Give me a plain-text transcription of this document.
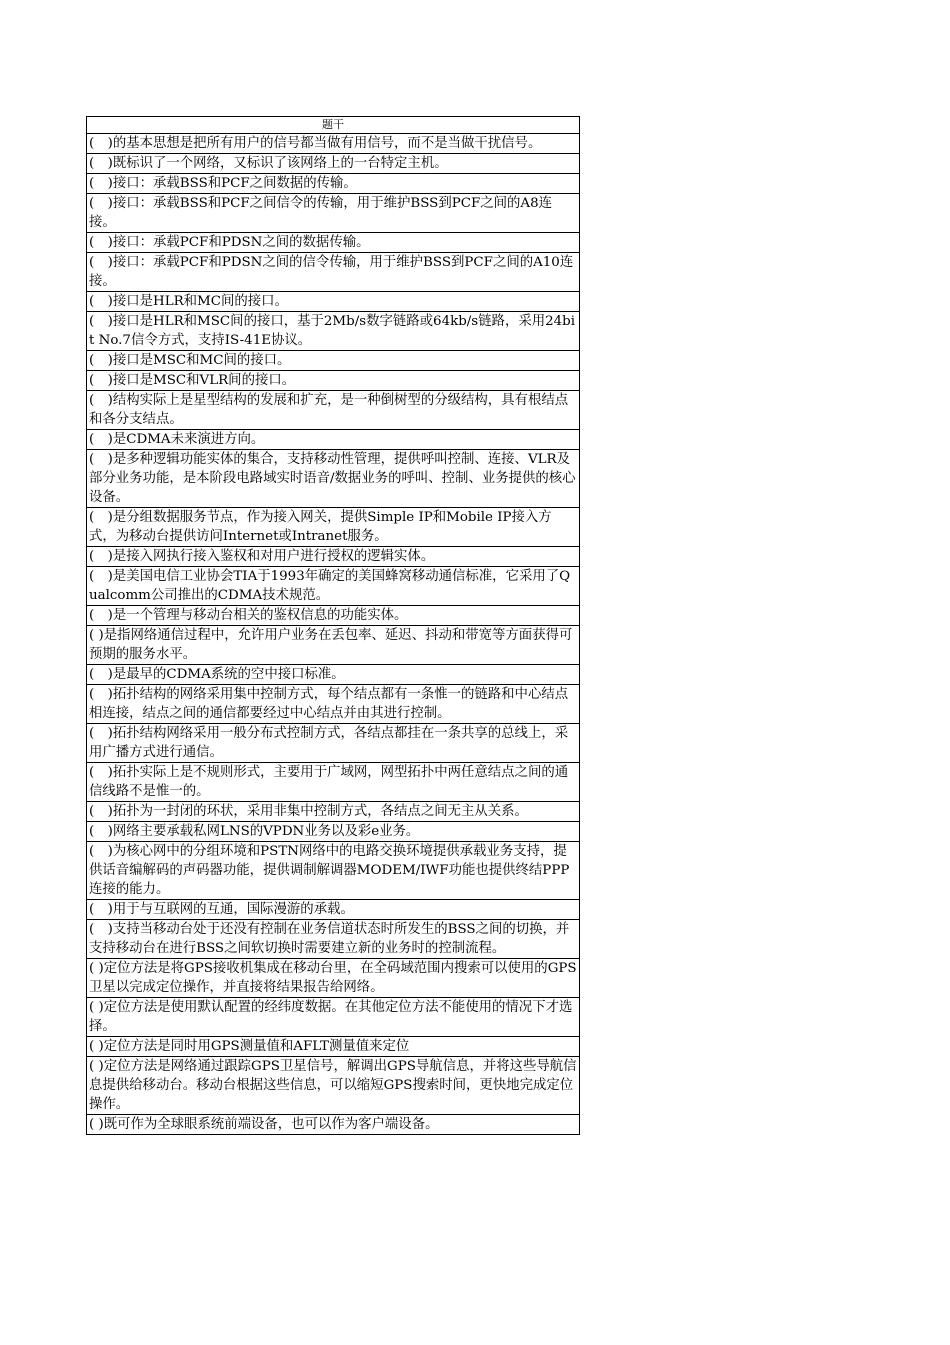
题干
(　)的基本思想是把所有用户的信号都当做有用信号，而不是当做干扰信号。
(　)既标识了一个网络，又标识了该网络上的一台特定主机。
(　)接口：承载BSS和PCF之间数据的传输。
(　)接口：承载BSS和PCF之间信令的传输，用于维护BSS到PCF之间的A8连接。
(　)接口：承载PCF和PDSN之间的数据传输。
(　)接口：承载PCF和PDSN之间的信令传输，用于维护BSS到PCF之间的A10连接。
(　)接口是HLR和MC间的接口。
(　)接口是HLR和MSC间的接口，基于2Mb/s数字链路或64kb/s链路，采用24bit No.7信令方式，支持IS-41E协议。
(　)接口是MSC和MC间的接口。
(　)接口是MSC和VLR间的接口。
(　)结构实际上是星型结构的发展和扩充，是一种倒树型的分级结构，具有根结点和各分支结点。
(　)是CDMA未来演进方向。
(　)是多种逻辑功能实体的集合，支持移动性管理，提供呼叫控制、连接、VLR及部分业务功能，是本阶段电路域实时语音/数据业务的呼叫、控制、业务提供的核心设备。
(　)是分组数据服务节点，作为接入网关，提供Simple IP和Mobile IP接入方式，为移动台提供访问Internet或Intranet服务。
(　)是接入网执行接入鉴权和对用户进行授权的逻辑实体。
(　)是美国电信工业协会TIA于1993年确定的美国蜂窝移动通信标准，它采用了Qualcomm公司推出的CDMA技术规范。
(　)是一个管理与移动台相关的鉴权信息的功能实体。
( )是指网络通信过程中，允许用户业务在丢包率、延迟、抖动和带宽等方面获得可预期的服务水平。
(　)是最早的CDMA系统的空中接口标准。
(　)拓扑结构的网络采用集中控制方式，每个结点都有一条惟一的链路和中心结点相连接，结点之间的通信都要经过中心结点并由其进行控制。
(　)拓扑结构网络采用一般分布式控制方式，各结点都挂在一条共享的总线上，采用广播方式进行通信。
(　)拓扑实际上是不规则形式，主要用于广域网，网型拓扑中两任意结点之间的通信线路不是惟一的。
(　)拓扑为一封闭的环状，采用非集中控制方式，各结点之间无主从关系。
(　)网络主要承载私网LNS的VPDN业务以及彩e业务。
(　)为核心网中的分组环境和PSTN网络中的电路交换环境提供承载业务支持，提供话音编解码的声码器功能，提供调制解调器MODEM/IWF功能也提供终结PPP连接的能力。
(　)用于与互联网的互通，国际漫游的承载。
(　)支持当移动台处于还没有控制在业务信道状态时所发生的BSS之间的切换，并支持移动台在进行BSS之间软切换时需要建立新的业务时的控制流程。
( )定位方法是将GPS接收机集成在移动台里，在全码域范围内搜索可以使用的GPS卫星以完成定位操作，并直接将结果报告给网络。
( )定位方法是使用默认配置的经纬度数据。在其他定位方法不能使用的情况下才选择。
( )定位方法是同时用GPS测量值和AFLT测量值来定位
( )定位方法是网络通过跟踪GPS卫星信号，解调出GPS导航信息，并将这些导航信息提供给移动台。移动台根据这些信息，可以缩短GPS搜索时间，更快地完成定位操作。
( )既可作为全球眼系统前端设备，也可以作为客户端设备。
